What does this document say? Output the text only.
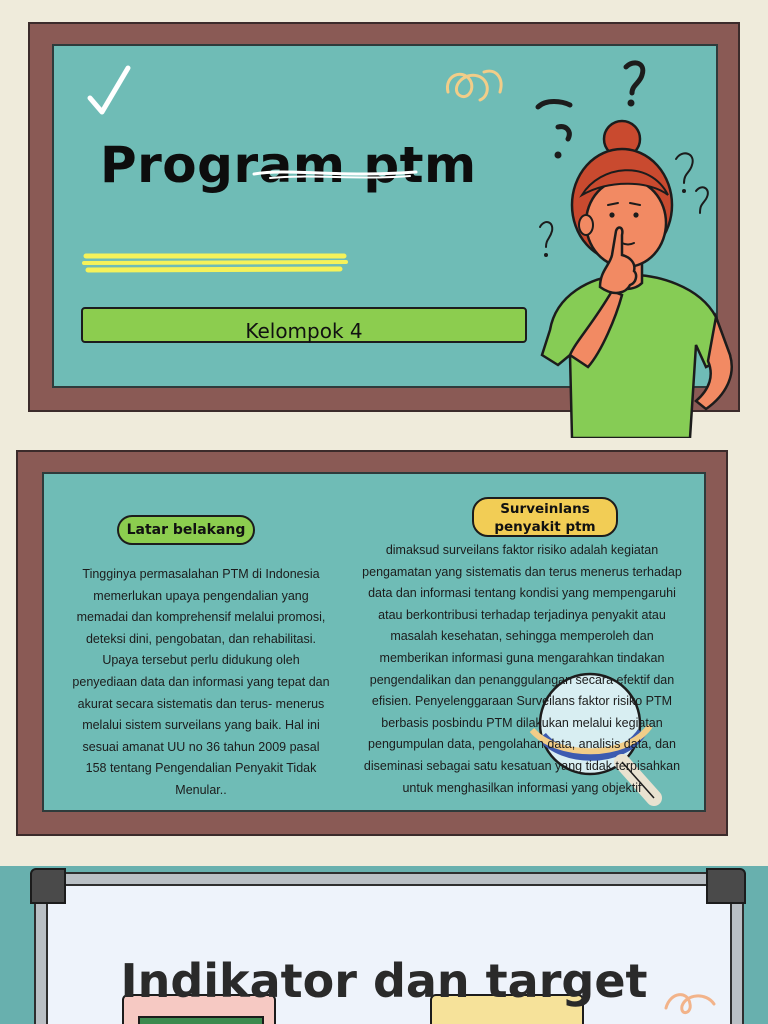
Program ptm
Kelompok 4
Latar belakang
Tingginya permasalahan PTM di Indonesia
memerlukan upaya pengendalian yang
memadai dan komprehensif melalui promosi,
deteksi dini, pengobatan, dan rehabilitasi.
Upaya tersebut perlu didukung oleh
penyediaan data dan informasi yang tepat dan
akurat secara sistematis dan terus- menerus
melalui sistem surveilans yang baik. Hal ini
sesuai amanat UU no 36 tahun 2009 pasal
158 tentang Pengendalian Penyakit Tidak
Menular..
Surveinlans
penyakit ptm
dimaksud surveilans faktor risiko adalah kegiatan
pengamatan yang sistematis dan terus menerus terhadap
data dan informasi tentang kondisi yang mempengaruhi
atau berkontribusi terhadap terjadinya penyakit atau
masalah kesehatan, sehingga memperoleh dan
memberikan informasi guna mengarahkan tindakan
pengendalikan dan penanggulangan secara efektif dan
efisien. Penyelenggaraan Surveilans faktor risiko PTM
berbasis posbindu PTM dilakukan melalui kegiatan
pengumpulan data, pengolahan data, analisis data, dan
diseminasi sebagai satu kesatuan yang tidak terpisahkan
untuk menghasilkan informasi yang objektif
Indikator dan target
